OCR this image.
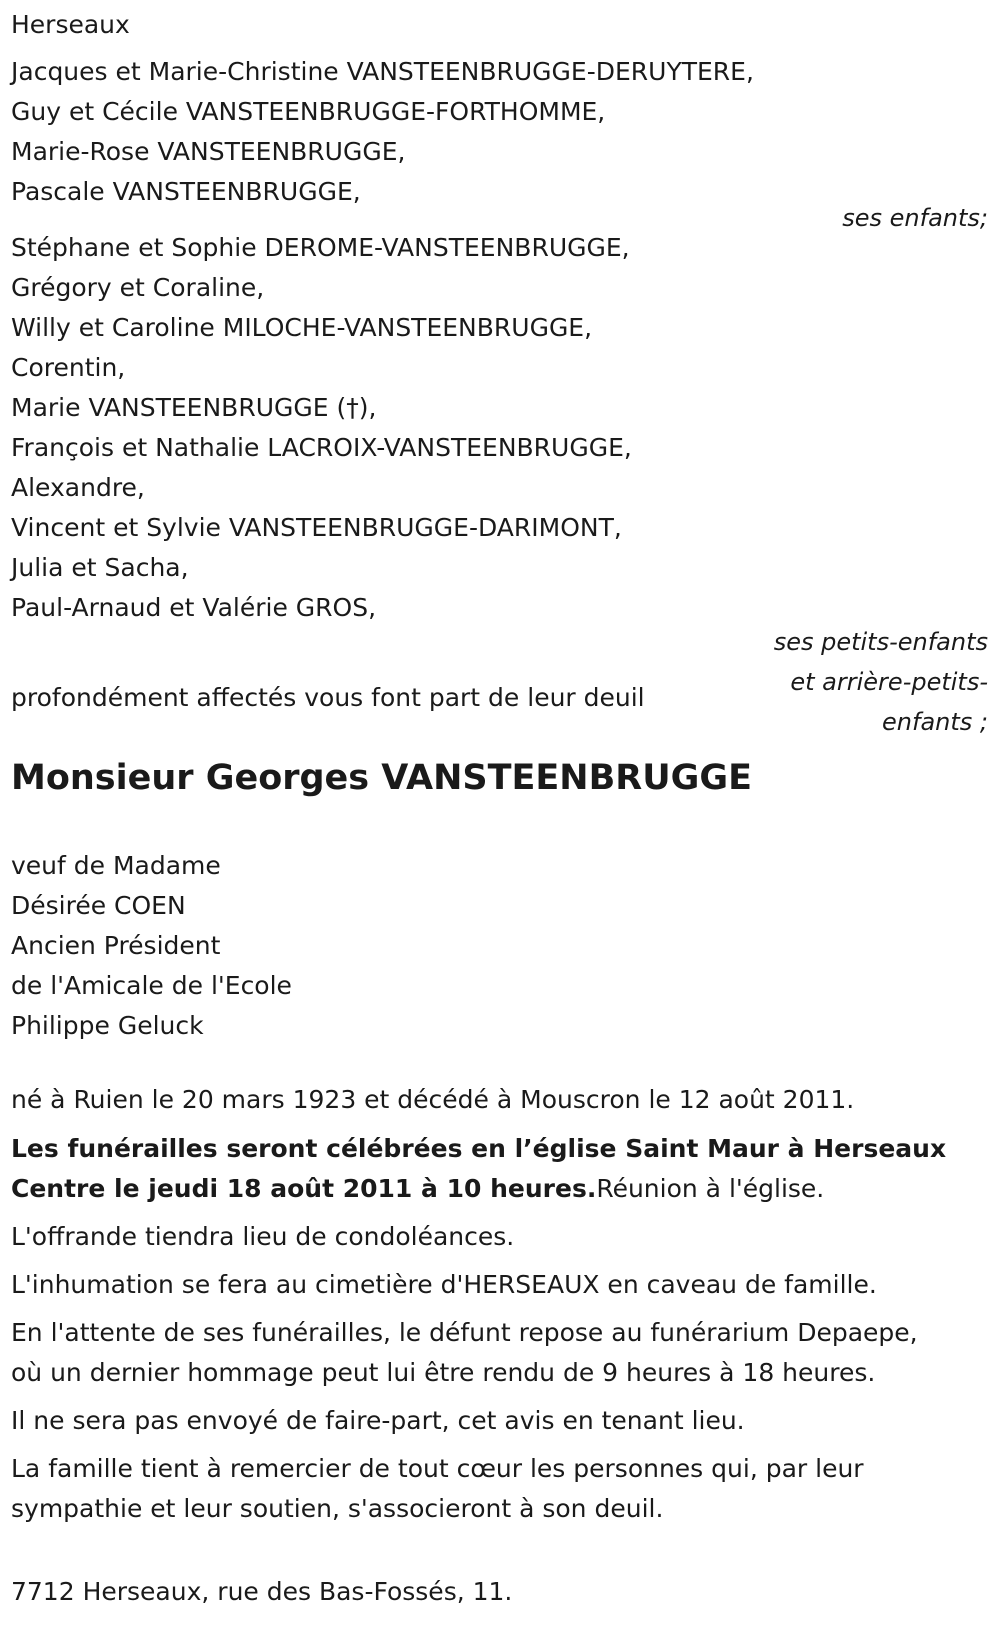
Herseaux
Jacques et Marie-Christine VANSTEENBRUGGE-DERUYTERE,
Guy et Cécile VANSTEENBRUGGE-FORTHOMME,
Marie-Rose VANSTEENBRUGGE,
Pascale VANSTEENBRUGGE,
Stéphane et Sophie DEROME-VANSTEENBRUGGE,
Grégory et Coraline,
Willy et Caroline MILOCHE-VANSTEENBRUGGE,
Corentin,
Marie VANSTEENBRUGGE (†),
François et Nathalie LACROIX-VANSTEENBRUGGE,
Alexandre,
Vincent et Sylvie VANSTEENBRUGGE-DARIMONT,
Julia et Sacha,
Paul-Arnaud et Valérie GROS,
profondément affectés vous font part de leur deuil
ses enfants;
ses petits-enfants
et arrière-petits-
enfants ;
Monsieur Georges VANSTEENBRUGGE
veuf de Madame
Désirée COEN
Ancien Président
de l'Amicale de l'Ecole
Philippe Geluck
né à Ruien le 20 mars 1923 et décédé à Mouscron le 12 août 2011.
Les funérailles seront célébrées en l’église Saint Maur à Herseaux
Centre le jeudi 18 août 2011 à 10 heures.Réunion à l'église.
L'offrande tiendra lieu de condoléances.
L'inhumation se fera au cimetière d'HERSEAUX en caveau de famille.
En l'attente de ses funérailles, le défunt repose au funérarium Depaepe,
où un dernier hommage peut lui être rendu de 9 heures à 18 heures.
Il ne sera pas envoyé de faire-part, cet avis en tenant lieu.
La famille tient à remercier de tout cœur les personnes qui, par leur
sympathie et leur soutien, s'associeront à son deuil.
7712 Herseaux, rue des Bas-Fossés, 11.
